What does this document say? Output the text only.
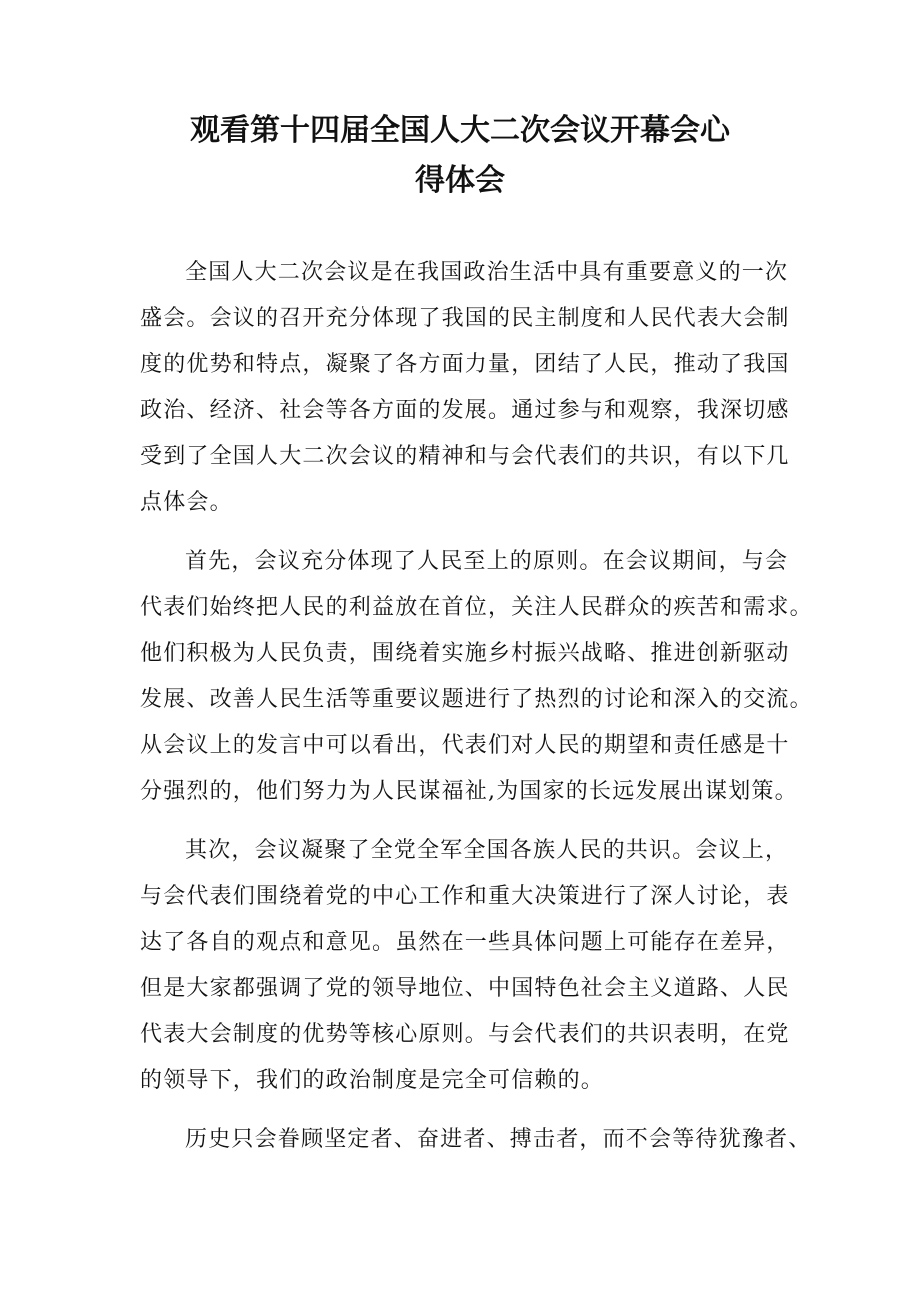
观看第十四届全国人大二次会议开幕会心
得体会
全国人大二次会议是在我国政治生活中具有重要意义的一次
盛会。会议的召开充分体现了我国的民主制度和人民代表大会制
度的优势和特点，凝聚了各方面力量，团结了人民，推动了我国
政治、经济、社会等各方面的发展。通过参与和观察，我深切感
受到了全国人大二次会议的精神和与会代表们的共识，有以下几
点体会。
首先，会议充分体现了人民至上的原则。在会议期间，与会
代表们始终把人民的利益放在首位，关注人民群众的疾苦和需求。
他们积极为人民负责，围绕着实施乡村振兴战略、推进创新驱动
发展、改善人民生活等重要议题进行了热烈的讨论和深入的交流。
从会议上的发言中可以看出，代表们对人民的期望和责任感是十
分强烈的，他们努力为人民谋福祉,为国家的长远发展出谋划策。
其次，会议凝聚了全党全军全国各族人民的共识。会议上，
与会代表们围绕着党的中心工作和重大决策进行了深人讨论，表
达了各自的观点和意见。虽然在一些具体问题上可能存在差异，
但是大家都强调了党的领导地位、中国特色社会主义道路、人民
代表大会制度的优势等核心原则。与会代表们的共识表明，在党
的领导下，我们的政治制度是完全可信赖的。
历史只会眷顾坚定者、奋进者、搏击者，而不会等待犹豫者、
